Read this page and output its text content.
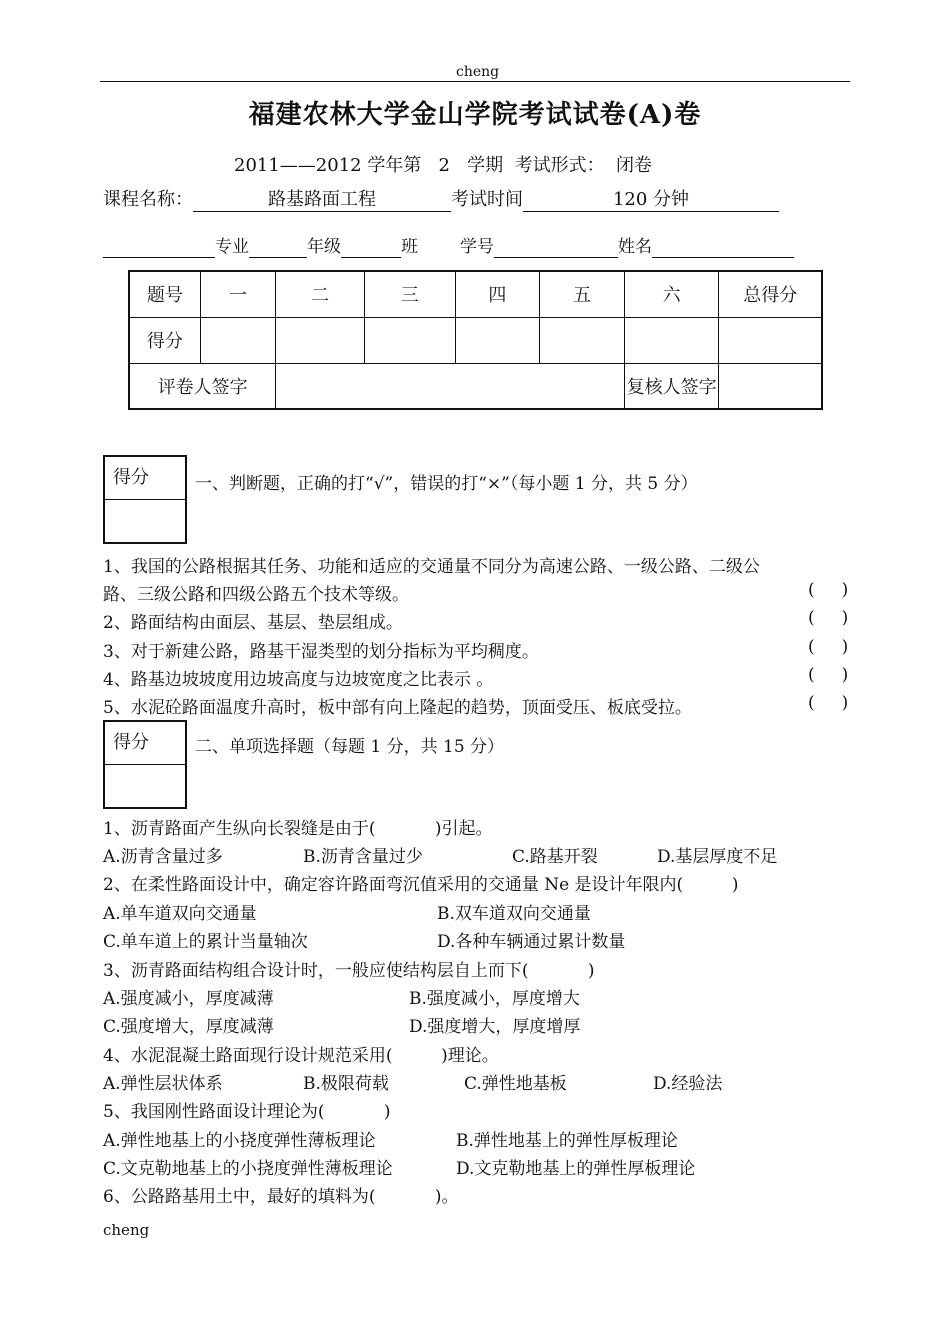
cheng
福建农林大学金山学院考试试卷(A)卷
2011——2012 学年第   2   学期  考试形式：  闭卷
课程名称：	路基路面工程	考试时间	120 分钟
专业	年级	班 学号	姓名
题号	一	二	三	四	五	六	总得分
得分							
评卷人签字						复核人签字	
得分	一、判断题，正确的打“√”，错误的打“×”（每小题 1 分，共 5 分）
1、我国的公路根据其任务、功能和适应的交通量不同分为高速公路、一级公路、二级公
路、三级公路和四级公路五个技术等级。	(     )
2、路面结构由面层、基层、垫层组成。	(     )
3、对于新建公路，路基干湿类型的划分指标为平均稠度。	(     )
4、路基边坡坡度用边坡高度与边坡宽度之比表示 。	(     )
5、水泥砼路面温度升高时，板中部有向上隆起的趋势，顶面受压、板底受拉。	(     )
得分	二、单项选择题（每题 1 分，共 15 分）
1、沥青路面产生纵向长裂缝是由于(           )引起。
A.沥青含量过多	B.沥青含量过少	C.路基开裂	D.基层厚度不足
2、在柔性路面设计中，确定容许路面弯沉值采用的交通量 Ne 是设计年限内(         )
A.单车道双向交通量	B.双车道双向交通量
C.单车道上的累计当量轴次	D.各种车辆通过累计数量
3、沥青路面结构组合设计时，一般应使结构层自上而下(           )
A.强度减小，厚度减薄	B.强度减小，厚度增大
C.强度增大，厚度减薄	D.强度增大，厚度增厚
4、水泥混凝土路面现行设计规范采用(         )理论。
A.弹性层状体系	B.极限荷载	C.弹性地基板	D.经验法
5、我国刚性路面设计理论为(           )
A.弹性地基上的小挠度弹性薄板理论	B.弹性地基上的弹性厚板理论
C.文克勒地基上的小挠度弹性薄板理论	D.文克勒地基上的弹性厚板理论
6、公路路基用土中，最好的填料为(           )。
cheng
